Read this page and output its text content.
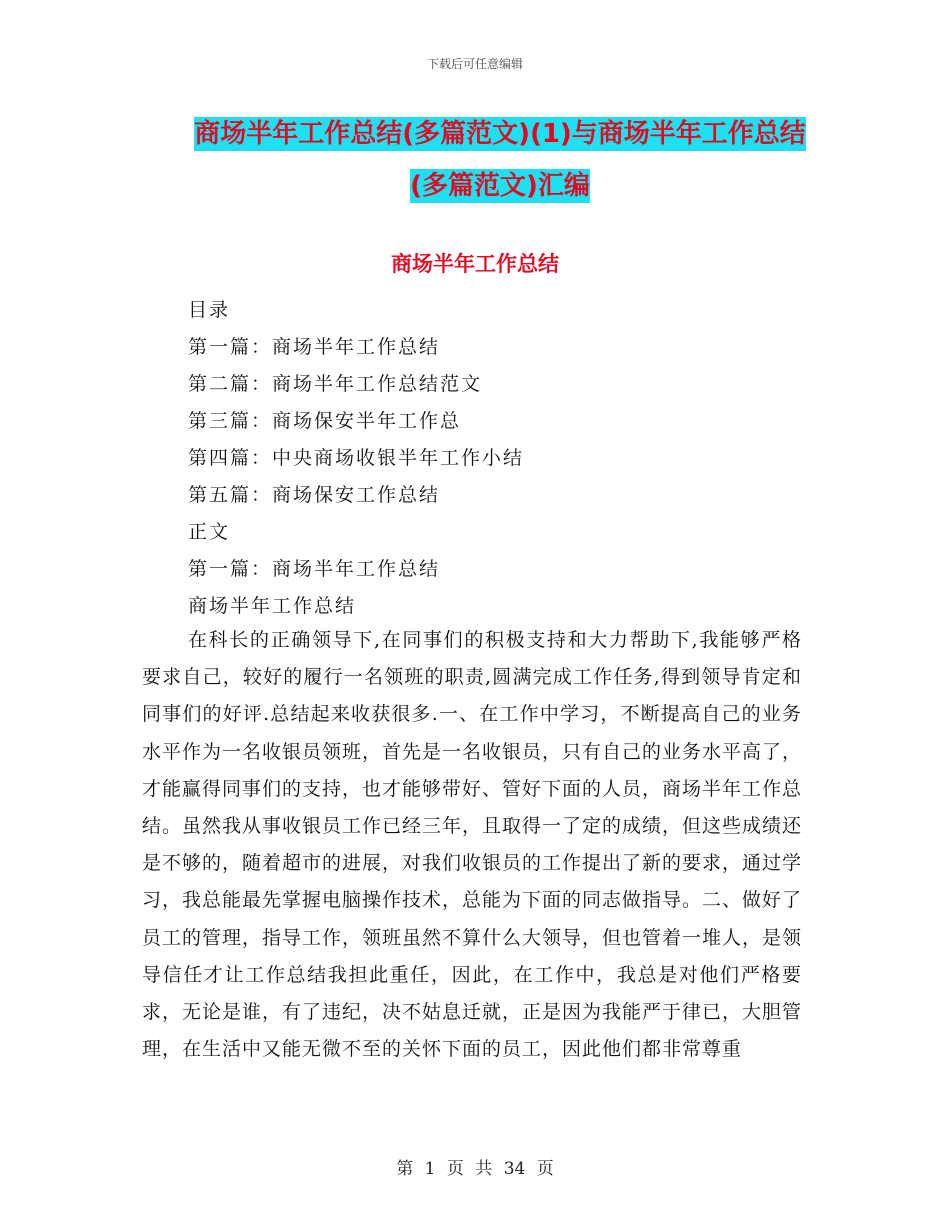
下载后可任意编辑
商场半年工作总结(多篇范文)(1)与商场半年工作总结
(多篇范文)汇编
商场半年工作总结
目录
第一篇：商场半年工作总结
第二篇：商场半年工作总结范文
第三篇：商场保安半年工作总
第四篇：中央商场收银半年工作小结
第五篇：商场保安工作总结
正文
第一篇：商场半年工作总结
商场半年工作总结

在科长的正确领导下,在同事们的积极支持和大力帮助下,我能够严格要求自己，较好的履行一名领班的职责,圆满完成工作任务,得到领导肯定和同事们的好评.总结起来收获很多.一、在工作中学习，不断提高自己的业务水平作为一名收银员领班，首先是一名收银员，只有自己的业务水平高了，才能赢得同事们的支持，也才能够带好、管好下面的人员，商场半年工作总结。虽然我从事收银员工作已经三年，且取得一了定的成绩，但这些成绩还是不够的，随着超市的进展，对我们收银员的工作提出了新的要求，通过学习，我总能最先掌握电脑操作技术，总能为下面的同志做指导。二、做好了员工的管理，指导工作，领班虽然不算什么大领导，但也管着一堆人，是领导信任才让工作总结我担此重任，因此，在工作中，我总是对他们严格要求，无论是谁，有了违纪，决不姑息迁就，正是因为我能严于律已，大胆管理，在生活中又能无微不至的关怀下面的员工，因此他们都非常尊重

第 1 页 共 34 页
